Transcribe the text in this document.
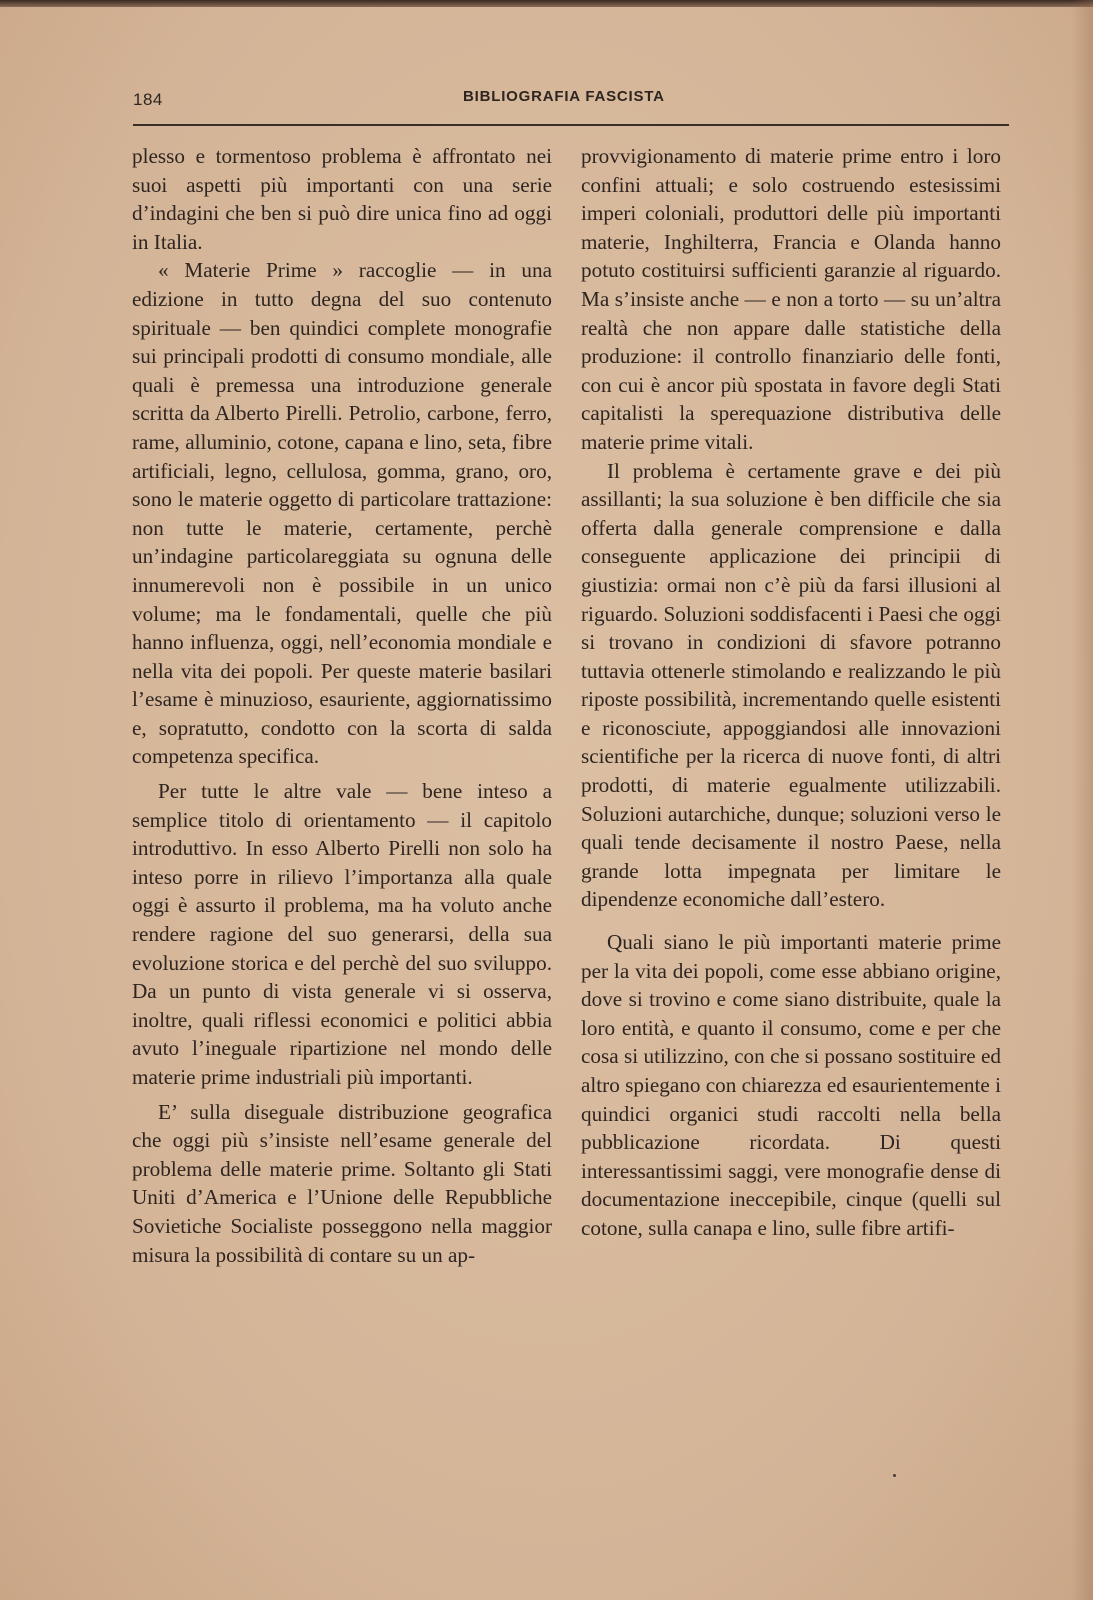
184	BIBLIOGRAFIA FASCISTA

plesso e tormentoso problema è affrontato nei suoi aspetti più importanti con una serie d’indagini che ben si può dire unica fino ad oggi in Italia.

« Materie Prime » raccoglie — in una edizione in tutto degna del suo contenuto spirituale — ben quindici complete monografie sui principali prodotti di consumo mondiale, alle quali è premessa una introduzione generale scritta da Alberto Pirelli. Petrolio, carbone, ferro, rame, alluminio, cotone, capana e lino, seta, fibre artificiali, legno, cellulosa, gomma, grano, oro, sono le materie oggetto di particolare trattazione: non tutte le materie, certamente, perchè un’indagine particolareggiata su ognuna delle innumerevoli non è possibile in un unico volume; ma le fondamentali, quelle che più hanno influenza, oggi, nell’economia mondiale e nella vita dei popoli. Per queste materie basilari l’esame è minuzioso, esauriente, aggiornatissimo e, sopratutto, condotto con la scorta di salda competenza specifica.

Per tutte le altre vale — bene inteso a semplice titolo di orientamento — il capitolo introduttivo. In esso Alberto Pirelli non solo ha inteso porre in rilievo l’importanza alla quale oggi è assurto il problema, ma ha voluto anche rendere ragione del suo generarsi, della sua evoluzione storica e del perchè del suo sviluppo. Da un punto di vista generale vi si osserva, inoltre, quali riflessi economici e politici abbia avuto l’ineguale ripartizione nel mondo delle materie prime industriali più importanti.

E’ sulla diseguale distribuzione geografica che oggi più s’insiste nell’esame generale del problema delle materie prime. Soltanto gli Stati Uniti d’America e l’Unione delle Repubbliche Sovietiche Socialiste posseggono nella maggior misura la possibilità di contare su un ap-

provvigionamento di materie prime entro i loro confini attuali; e solo costruendo estesissimi imperi coloniali, produttori delle più importanti materie, Inghilterra, Francia e Olanda hanno potuto costituirsi sufficienti garanzie al riguardo. Ma s’insiste anche — e non a torto — su un’altra realtà che non appare dalle statistiche della produzione: il controllo finanziario delle fonti, con cui è ancor più spostata in favore degli Stati capitalisti la sperequazione distributiva delle materie prime vitali.

Il problema è certamente grave e dei più assillanti; la sua soluzione è ben difficile che sia offerta dalla generale comprensione e dalla conseguente applicazione dei principii di giustizia: ormai non c’è più da farsi illusioni al riguardo. Soluzioni soddisfacenti i Paesi che oggi si trovano in condizioni di sfavore potranno tuttavia ottenerle stimolando e realizzando le più riposte possibilità, incrementando quelle esistenti e riconosciute, appoggiandosi alle innovazioni scientifiche per la ricerca di nuove fonti, di altri prodotti, di materie egualmente utilizzabili. Soluzioni autarchiche, dunque; soluzioni verso le quali tende decisamente il nostro Paese, nella grande lotta impegnata per limitare le dipendenze economiche dall’estero.

Quali siano le più importanti materie prime per la vita dei popoli, come esse abbiano origine, dove si trovino e come siano distribuite, quale la loro entità, e quanto il consumo, come e per che cosa si utilizzino, con che si possano sostituire ed altro spiegano con chiarezza ed esaurientemente i quindici organici studi raccolti nella bella pubblicazione ricordata. Di questi interessantissimi saggi, vere monografie dense di documentazione ineccepibile, cinque (quelli sul cotone, sulla canapa e lino, sulle fibre artifi-
